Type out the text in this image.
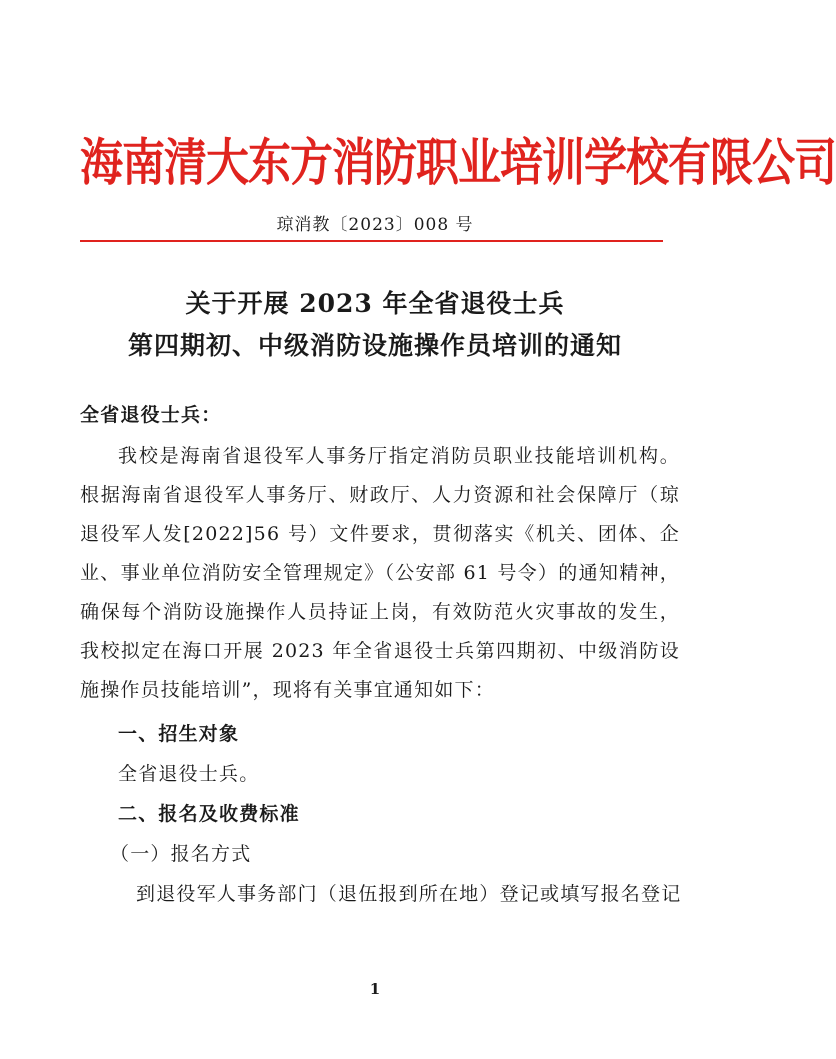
海南清大东方消防职业培训学校有限公司
琼消教〔2023〕008 号
关于开展 2023 年全省退役士兵
第四期初、中级消防设施操作员培训的通知
全省退役士兵：
我校是海南省退役军人事务厅指定消防员职业技能培训机构。根据海南省退役军人事务厅、财政厅、人力资源和社会保障厅（琼退役军人发[2022]56 号）文件要求，贯彻落实《机关、团体、企业、事业单位消防安全管理规定》（公安部 61 号令）的通知精神，确保每个消防设施操作人员持证上岗，有效防范火灾事故的发生，我校拟定在海口开展 2023 年全省退役士兵第四期初、中级消防设施操作员技能培训”，现将有关事宜通知如下：
一、招生对象
全省退役士兵。
二、报名及收费标准
（一）报名方式
到退役军人事务部门（退伍报到所在地）登记或填写报名登记
1
